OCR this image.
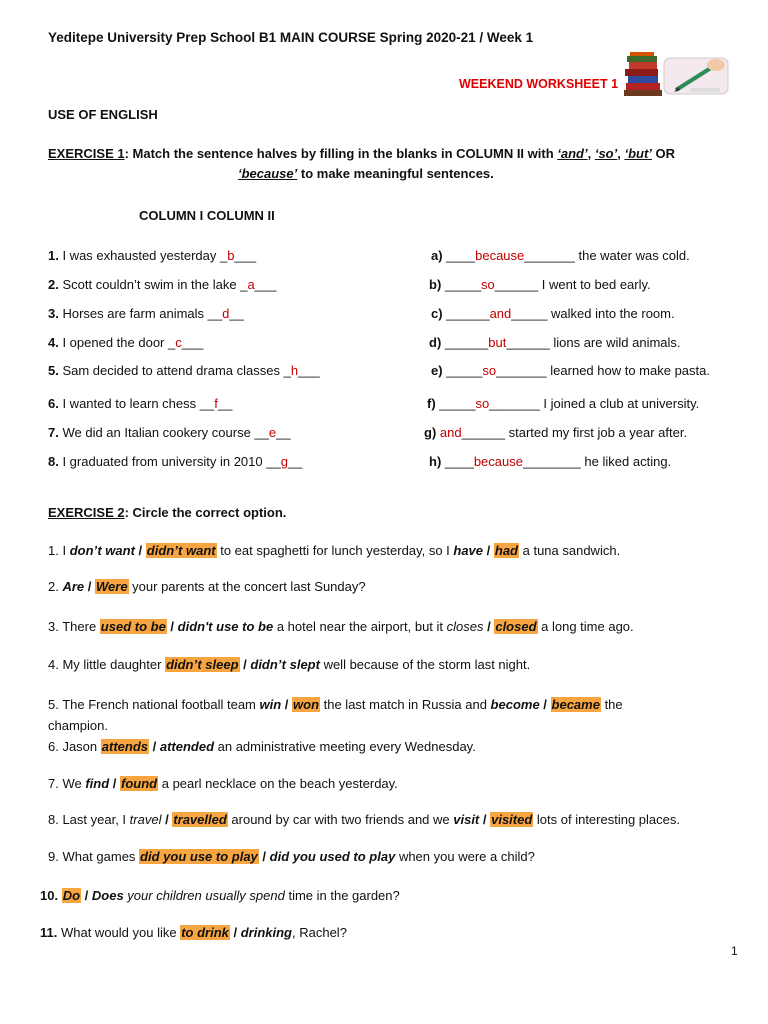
Yeditepe University Prep School B1 MAIN COURSE Spring 2020-21 / Week 1
WEEKEND WORKSHEET 1
USE OF ENGLISH
EXERCISE 1: Match the sentence halves by filling in the blanks in COLUMN II with ‘and’, ‘so’, ‘but’ OR
‘because’ to make meaningful sentences.
COLUMN I COLUMN II
1. I was exhausted yesterday _b___
2. Scott couldn’t swim in the lake _a___
3. Horses are farm animals __d__
4. I opened the door _c___
5. Sam decided to attend drama classes _h___
6. I wanted to learn chess __f__
7. We did an Italian cookery course __e__
8. I graduated from university in 2010 __g__
a) ____because_______ the water was cold.
b) _____so______ I went to bed early.
c) ______and_____ walked into the room.
d) ______but______ lions are wild animals.
e) _____so_______ learned how to make pasta.
f) _____so_______ I joined a club at university.
g) and______ started my first job a year after.
h) ____because________ he liked acting.
EXERCISE 2: Circle the correct option.
1. I don’t want / didn’t want to eat spaghetti for lunch yesterday, so I have / had a tuna sandwich.
2. Are / Were your parents at the concert last Sunday?
3. There used to be / didn't use to be a hotel near the airport, but it closes / closed a long time ago.
4. My little daughter didn’t sleep / didn’t slept well because of the storm last night.
5. The French national football team win / won the last match in Russia and become / became the
champion.
6. Jason attends / attended an administrative meeting every Wednesday.
7. We find / found a pearl necklace on the beach yesterday.
8. Last year, I travel / travelled around by car with two friends and we visit / visited lots of interesting places.
9. What games did you use to play / did you used to play when you were a child?
10. Do / Does your children usually spend time in the garden?
11. What would you like to drink / drinking, Rachel?
1
